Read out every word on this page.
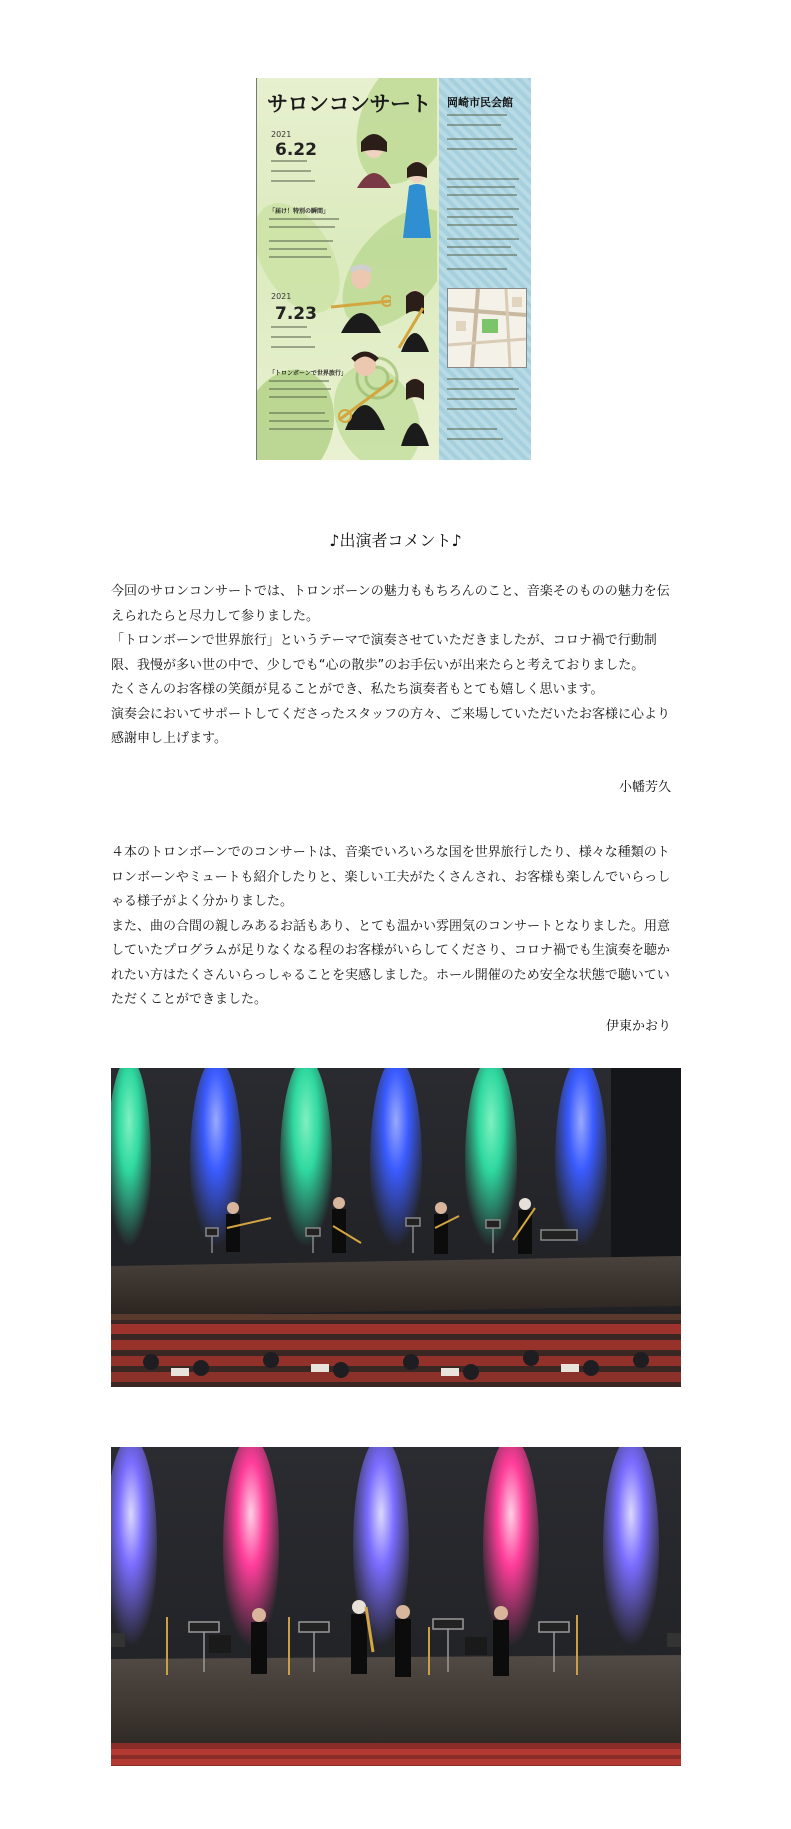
サロンコンサート 岡崎市民会館
2021
6.22
「届け！特別の瞬間」
2021
7.23
「トロンボーンで世界旅行」
♪出演者コメント♪

今回のサロンコンサートでは、トロンボーンの魅力ももちろんのこと、音楽そのものの魅力を伝えられたらと尽力して参りました。

「トロンボーンで世界旅行」というテーマで演奏させていただきましたが、コロナ禍で行動制限、我慢が多い世の中で、少しでも“心の散歩”のお手伝いが出来たらと考えておりました。

たくさんのお客様の笑顔が見ることができ、私たち演奏者もとても嬉しく思います。

演奏会においてサポートしてくださったスタッフの方々、ご来場していただいたお客様に心より感謝申し上げます。

小幡芳久

４本のトロンボーンでのコンサートは、音楽でいろいろな国を世界旅行したり、様々な種類のトロンボーンやミュートも紹介したりと、楽しい工夫がたくさんされ、お客様も楽しんでいらっしゃる様子がよく分かりました。

また、曲の合間の親しみあるお話もあり、とても温かい雰囲気のコンサートとなりました。用意していたプログラムが足りなくなる程のお客様がいらしてくださり、コロナ禍でも生演奏を聴かれたい方はたくさんいらっしゃることを実感しました。ホール開催のため安全な状態で聴いていただくことができました。

伊東かおり
